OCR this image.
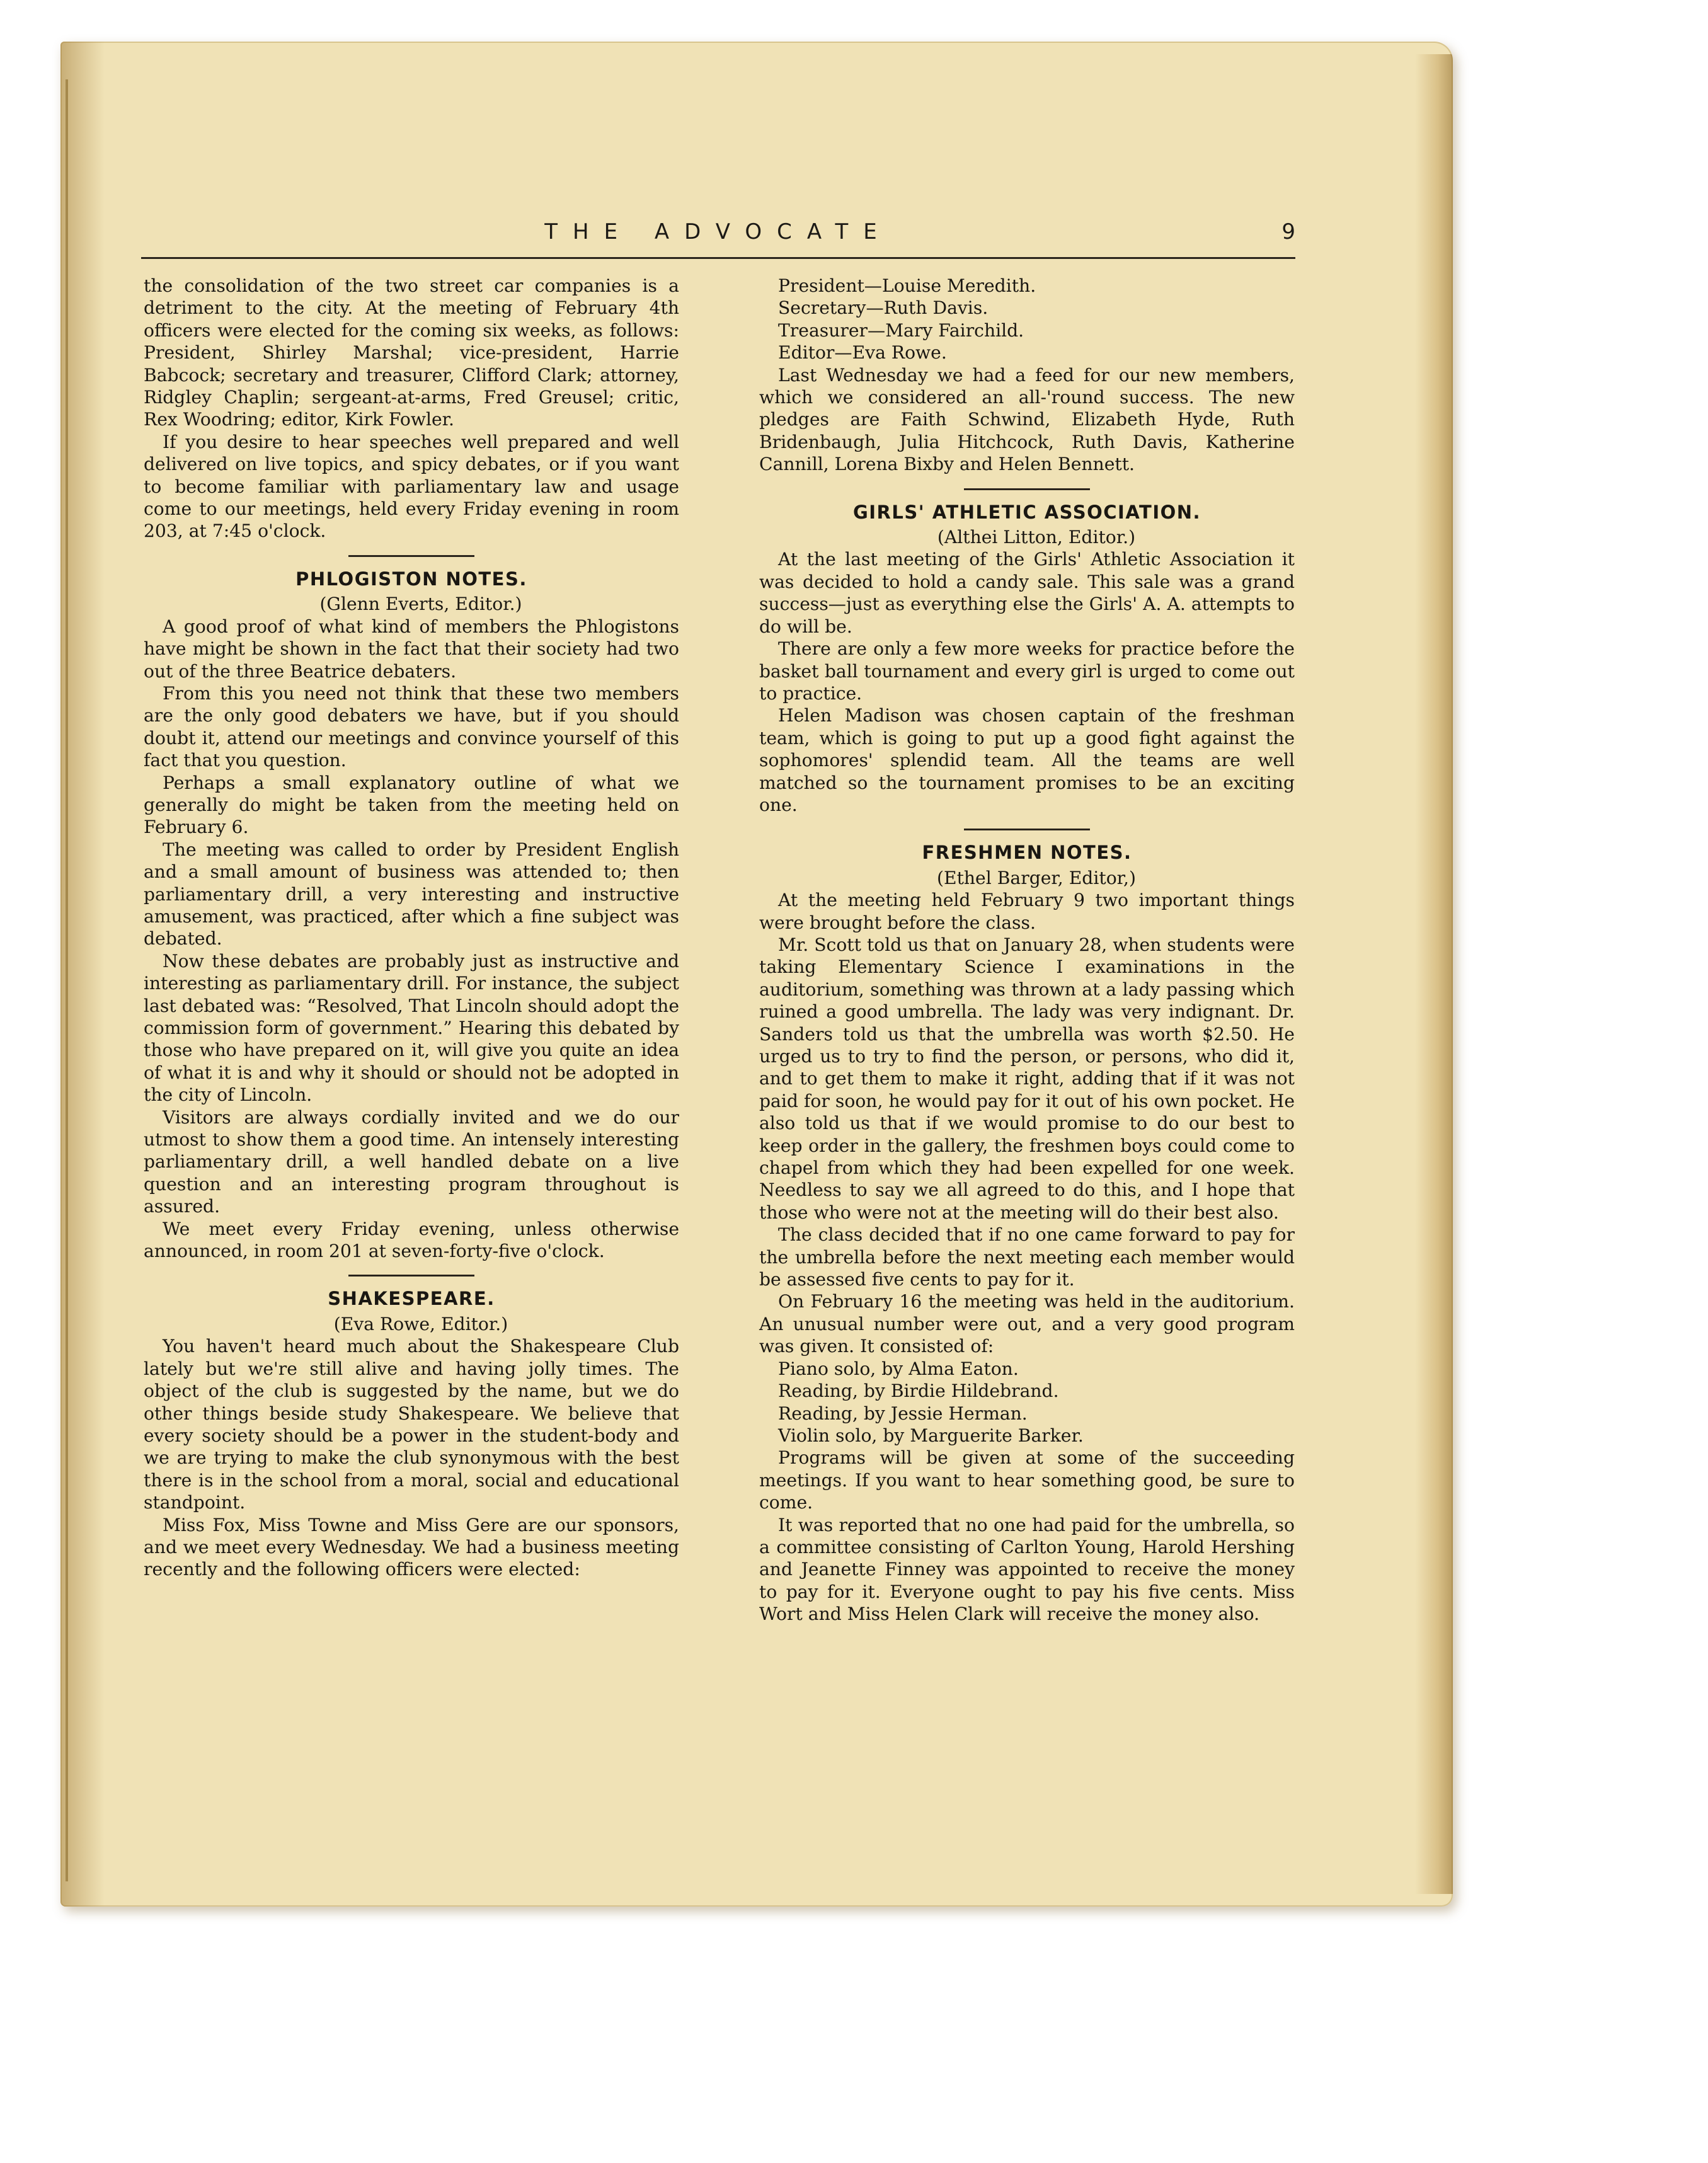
THE ADVOCATE	9

the consolidation of the two street car companies is a detriment to the city. At the meeting of February 4th officers were elected for the coming six weeks, as follows: President, Shirley Marshal; vice-president, Harrie Babcock; secretary and treasurer, Clifford Clark; attorney, Ridgley Chaplin; sergeant-at-arms, Fred Greusel; critic, Rex Woodring; editor, Kirk Fowler.

If you desire to hear speeches well prepared and well delivered on live topics, and spicy debates, or if you want to become familiar with parliamentary law and usage come to our meetings, held every Friday evening in room 203, at 7:45 o'clock.

PHLOGISTON NOTES.

(Glenn Everts, Editor.)

A good proof of what kind of members the Phlogistons have might be shown in the fact that their society had two out of the three Beatrice debaters.

From this you need not think that these two members are the only good debaters we have, but if you should doubt it, attend our meetings and convince yourself of this fact that you question.

Perhaps a small explanatory outline of what we generally do might be taken from the meeting held on February 6.

The meeting was called to order by President English and a small amount of business was attended to; then parliamentary drill, a very interesting and instructive amusement, was practiced, after which a fine subject was debated.

Now these debates are probably just as instructive and interesting as parliamentary drill. For instance, the subject last debated was: “Resolved, That Lincoln should adopt the commission form of government.” Hearing this debated by those who have prepared on it, will give you quite an idea of what it is and why it should or should not be adopted in the city of Lincoln.

Visitors are always cordially invited and we do our utmost to show them a good time. An intensely interesting parliamentary drill, a well handled debate on a live question and an interesting program throughout is assured.

We meet every Friday evening, unless otherwise announced, in room 201 at seven-forty-five o'clock.

SHAKESPEARE.

(Eva Rowe, Editor.)

You haven't heard much about the Shakespeare Club lately but we're still alive and having jolly times. The object of the club is suggested by the name, but we do other things beside study Shakespeare. We believe that every society should be a power in the student-body and we are trying to make the club synonymous with the best there is in the school from a moral, social and educational standpoint.

Miss Fox, Miss Towne and Miss Gere are our sponsors, and we meet every Wednesday. We had a business meeting recently and the following officers were elected:

President—Louise Meredith.

Secretary—Ruth Davis.

Treasurer—Mary Fairchild.

Editor—Eva Rowe.

Last Wednesday we had a feed for our new members, which we considered an all-'round success. The new pledges are Faith Schwind, Elizabeth Hyde, Ruth Bridenbaugh, Julia Hitchcock, Ruth Davis, Katherine Cannill, Lorena Bixby and Helen Bennett.

GIRLS' ATHLETIC ASSOCIATION.

(Althei Litton, Editor.)

At the last meeting of the Girls' Athletic Association it was decided to hold a candy sale. This sale was a grand success—just as everything else the Girls' A. A. attempts to do will be.

There are only a few more weeks for practice before the basket ball tournament and every girl is urged to come out to practice.

Helen Madison was chosen captain of the freshman team, which is going to put up a good fight against the sophomores' splendid team. All the teams are well matched so the tournament promises to be an exciting one.

FRESHMEN NOTES.

(Ethel Barger, Editor,)

At the meeting held February 9 two important things were brought before the class.

Mr. Scott told us that on January 28, when students were taking Elementary Science I examinations in the auditorium, something was thrown at a lady passing which ruined a good umbrella. The lady was very indignant. Dr. Sanders told us that the umbrella was worth $2.50. He urged us to try to find the person, or persons, who did it, and to get them to make it right, adding that if it was not paid for soon, he would pay for it out of his own pocket. He also told us that if we would promise to do our best to keep order in the gallery, the freshmen boys could come to chapel from which they had been expelled for one week. Needless to say we all agreed to do this, and I hope that those who were not at the meeting will do their best also.

The class decided that if no one came forward to pay for the umbrella before the next meeting each member would be assessed five cents to pay for it.

On February 16 the meeting was held in the auditorium. An unusual number were out, and a very good program was given. It consisted of:

Piano solo, by Alma Eaton.

Reading, by Birdie Hildebrand.

Reading, by Jessie Herman.

Violin solo, by Marguerite Barker.

Programs will be given at some of the succeeding meetings. If you want to hear something good, be sure to come.

It was reported that no one had paid for the umbrella, so a committee consisting of Carlton Young, Harold Hershing and Jeanette Finney was appointed to receive the money to pay for it. Everyone ought to pay his five cents. Miss Wort and Miss Helen Clark will receive the money also.
